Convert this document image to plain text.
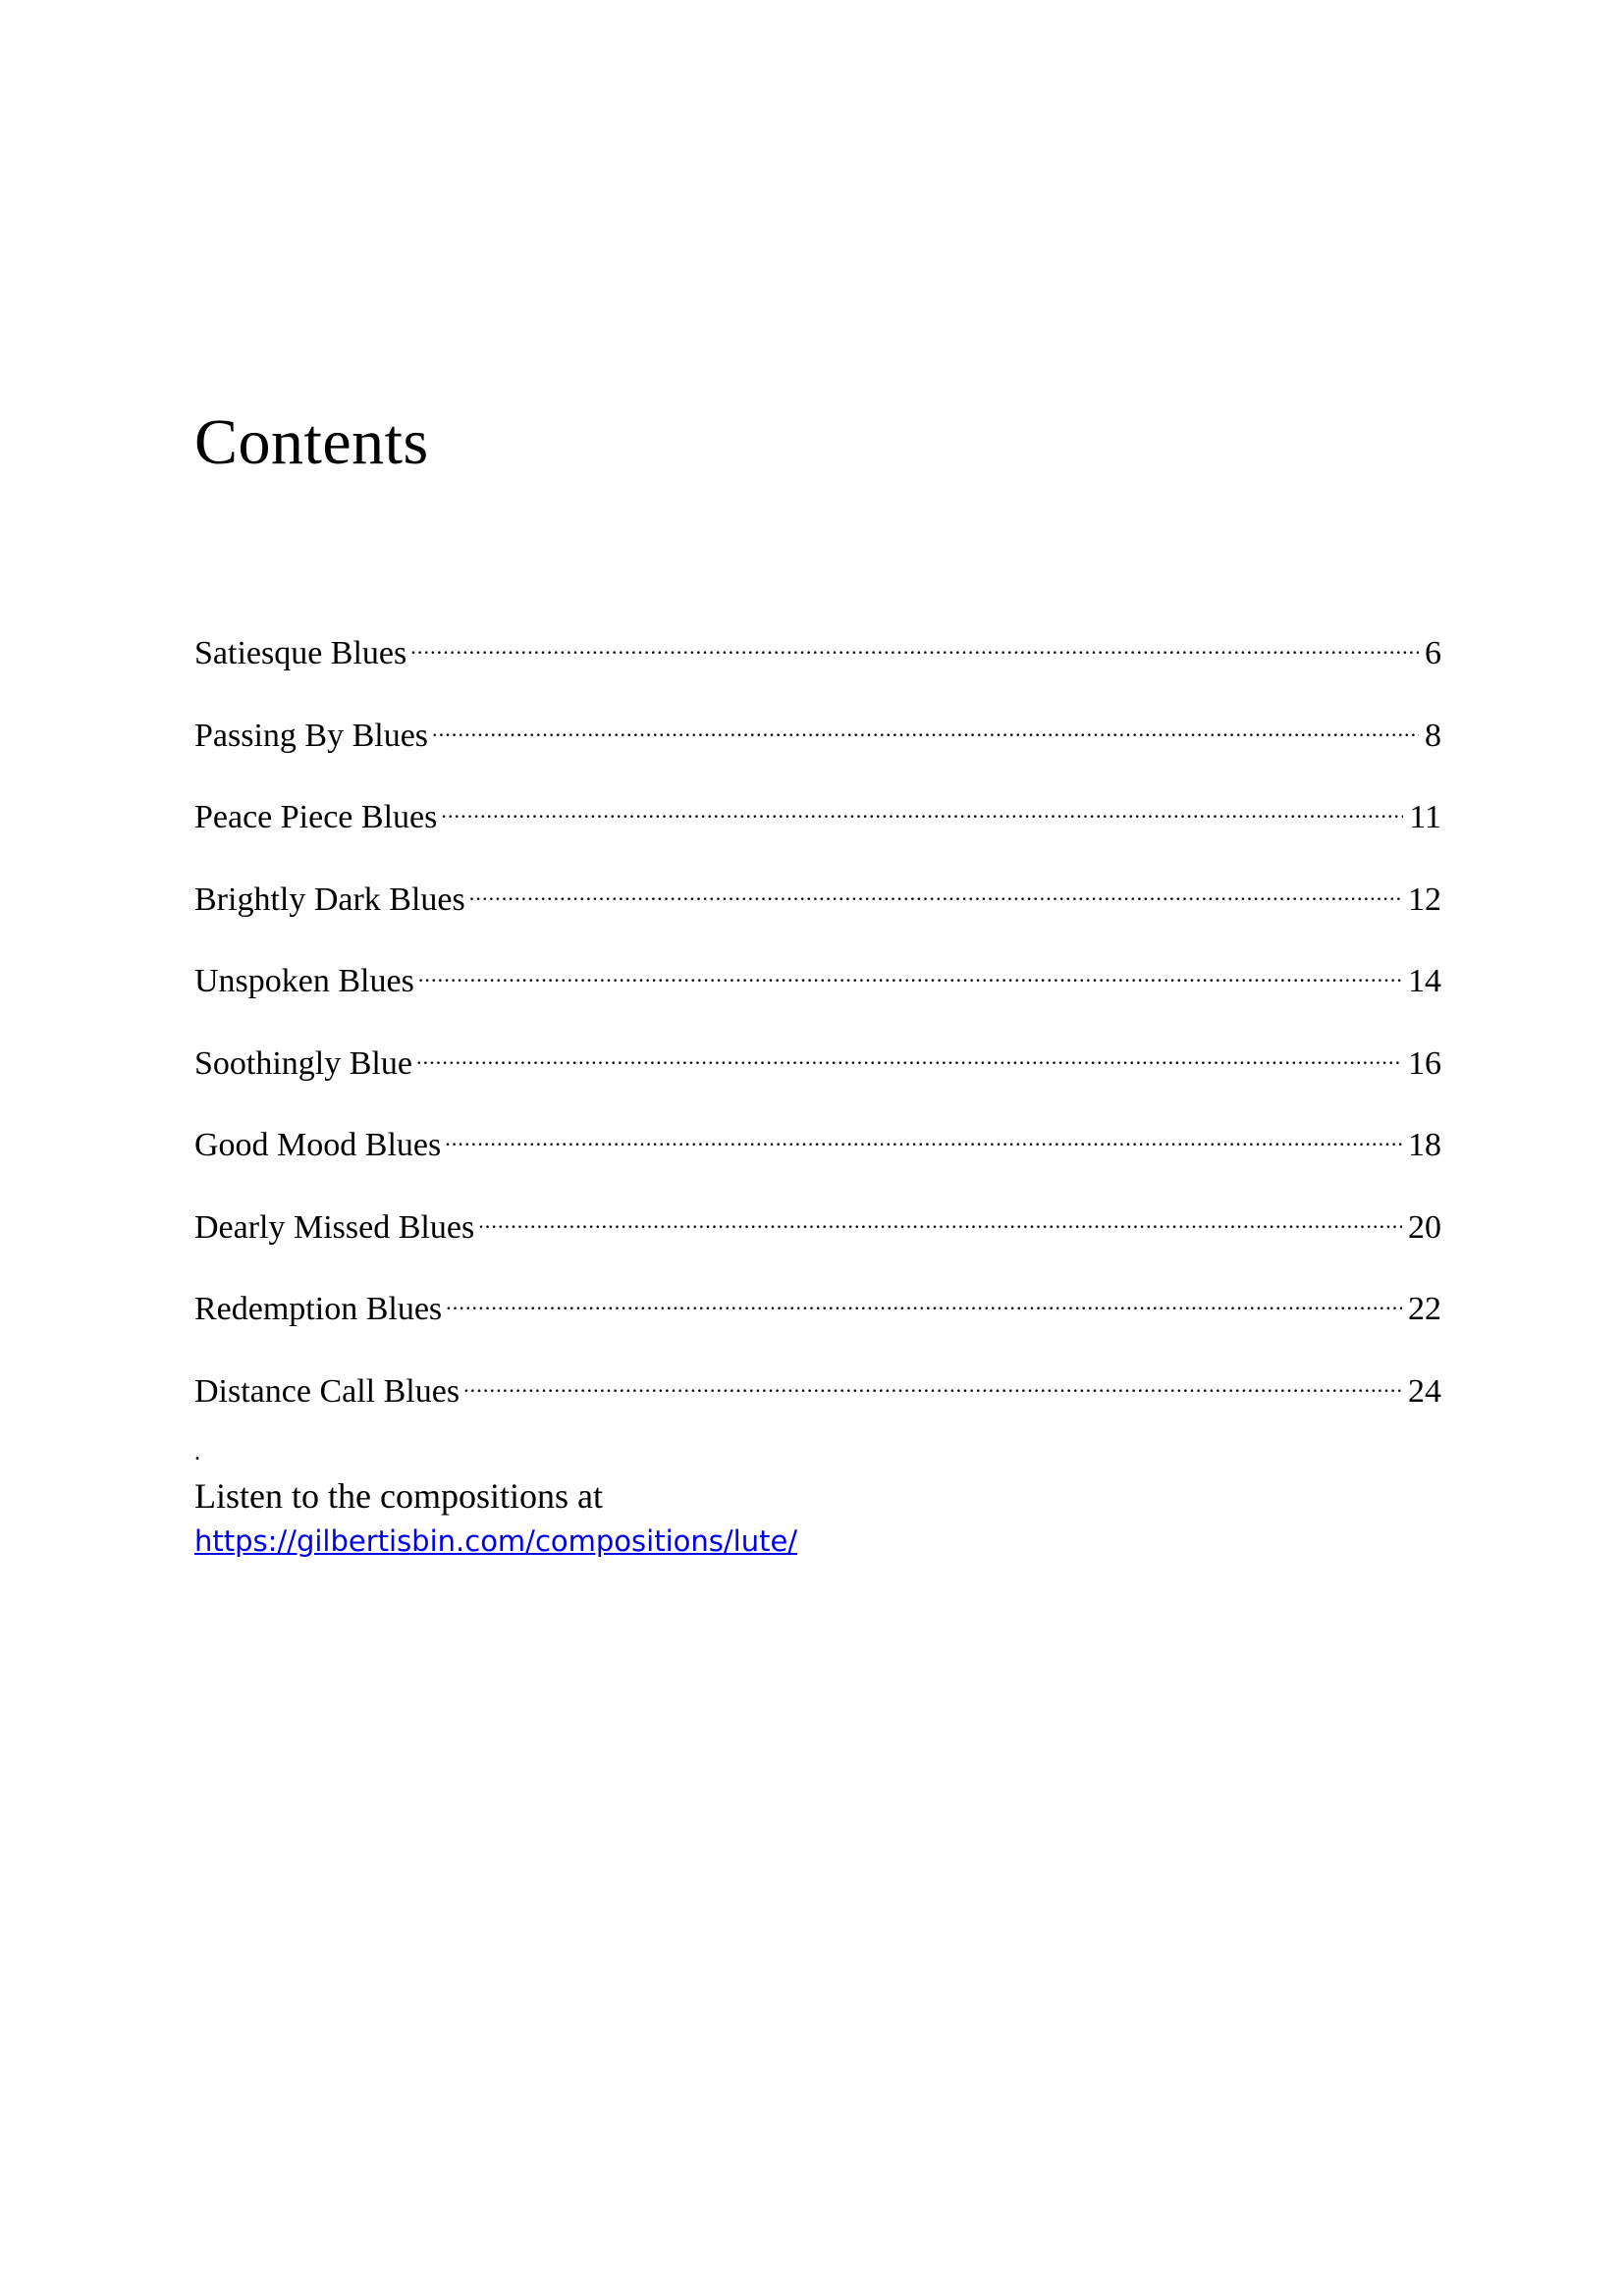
Contents
Satiesque Blues . . .	6
Passing By Blues . . .	8
Peace Piece Blues . . .	11
Brightly Dark Blues . . .	12
Unspoken Blues . . .	14
Soothingly Blue . . .	16
Good Mood Blues . . .	18
Dearly Missed Blues . . .	20
Redemption Blues . . .	22
Distance Call Blues . . .	24
.
Listen to the compositions at
https://gilbertisbin.com/compositions/lute/
